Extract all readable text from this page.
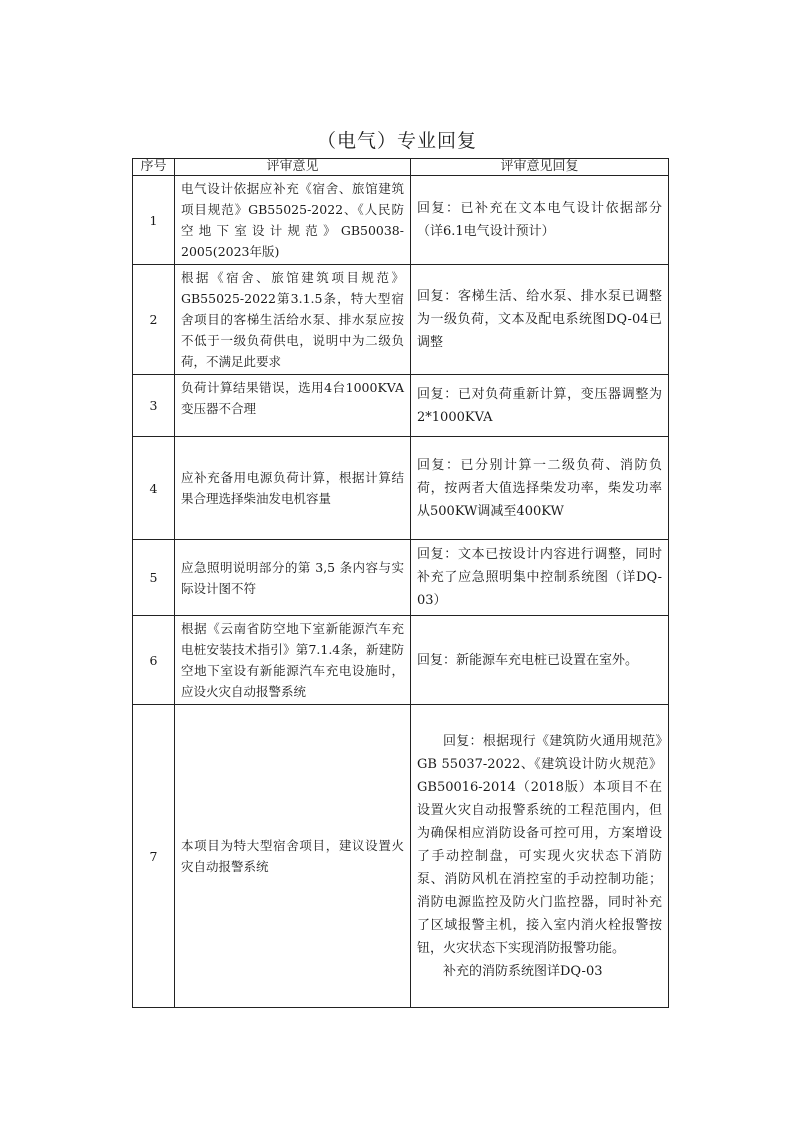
（电气）专业回复
序号	评审意见	评审意见回复
1	电气设计依据应补充《宿舍、旅馆建筑项目规范》GB55025-2022、《人民防空地下室设计规范》GB50038-2005(2023年版)	回复：已补充在文本电气设计依据部分（详6.1电气设计预计）
2	根据《宿舍、旅馆建筑项目规范》GB55025-2022第3.1.5条，特大型宿舍项目的客梯生活给水泵、排水泵应按不低于一级负荷供电，说明中为二级负荷，不满足此要求	回复：客梯生活、给水泵、排水泵已调整为一级负荷，文本及配电系统图DQ-04已调整
3	负荷计算结果错误，选用4台1000KVA变压器不合理	回复：已对负荷重新计算，变压器调整为2*1000KVA
4	应补充备用电源负荷计算，根据计算结果合理选择柴油发电机容量	回复：已分别计算一二级负荷、消防负荷，按两者大值选择柴发功率，柴发功率从500KW调减至400KW
5	应急照明说明部分的第 3,5 条内容与实际设计图不符	回复：文本已按设计内容进行调整，同时补充了应急照明集中控制系统图（详DQ-03）
6	根据《云南省防空地下室新能源汽车充电桩安装技术指引》第7.1.4条，新建防空地下室设有新能源汽车充电设施时，应设火灾自动报警系统	回复：新能源车充电桩已设置在室外。
7	本项目为特大型宿舍项目，建议设置火灾自动报警系统	回复：根据现行《建筑防火通用规范》GB 55037-2022、《建筑设计防火规范》GB50016-2014（2018版）本项目不在设置火灾自动报警系统的工程范围内，但为确保相应消防设备可控可用，方案增设了手动控制盘，可实现火灾状态下消防泵、消防风机在消控室的手动控制功能；消防电源监控及防火门监控器，同时补充了区域报警主机，接入室内消火栓报警按钮，火灾状态下实现消防报警功能。

补充的消防系统图详DQ-03
